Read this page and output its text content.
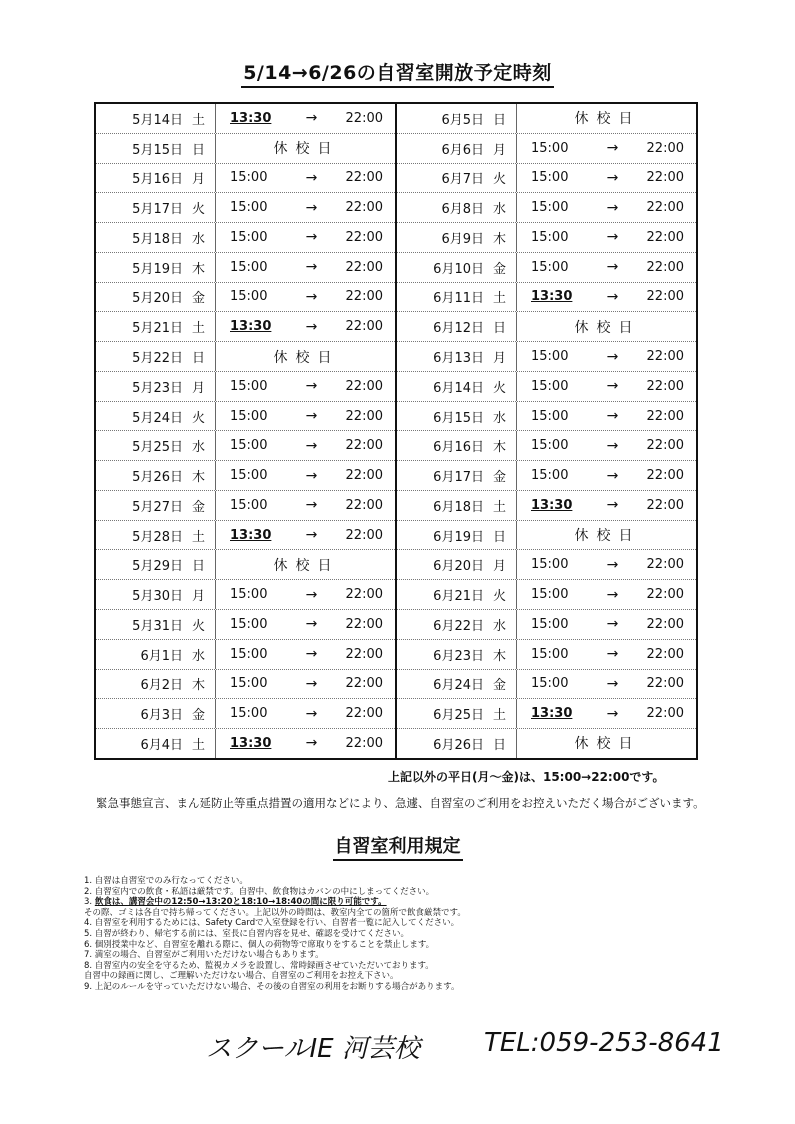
5/14→6/26の自習室開放予定時刻
5月14日 土 13:30	→	22:00
5月15日 日	休校日
5月16日 月 15:00	→	22:00
5月17日 火 15:00	→	22:00
5月18日 水 15:00	→	22:00
5月19日 木 15:00	→	22:00
5月20日 金 15:00	→	22:00
5月21日 土 13:30	→	22:00
5月22日 日	休校日
5月23日 月 15:00	→	22:00
5月24日 火 15:00	→	22:00
5月25日 水 15:00	→	22:00
5月26日 木 15:00	→	22:00
5月27日 金 15:00	→	22:00
5月28日 土 13:30	→	22:00
5月29日 日	休校日
5月30日 月 15:00	→	22:00
5月31日 火 15:00	→	22:00
6月1日 水 15:00	→	22:00
6月2日 木 15:00	→	22:00
6月3日 金 15:00	→	22:00
6月4日 土 13:30	→	22:00
6月5日 日	休校日
6月6日 月 15:00	→	22:00
6月7日 火 15:00	→	22:00
6月8日 水 15:00	→	22:00
6月9日 木 15:00	→	22:00
6月10日 金 15:00	→	22:00
6月11日 土 13:30	→	22:00
6月12日 日	休校日
6月13日 月 15:00	→	22:00
6月14日 火 15:00	→	22:00
6月15日 水 15:00	→	22:00
6月16日 木 15:00	→	22:00
6月17日 金 15:00	→	22:00
6月18日 土 13:30	→	22:00
6月19日 日	休校日
6月20日 月 15:00	→	22:00
6月21日 火 15:00	→	22:00
6月22日 水 15:00	→	22:00
6月23日 木 15:00	→	22:00
6月24日 金 15:00	→	22:00
6月25日 土 13:30	→	22:00
6月26日 日	休校日
上記以外の平日(月～金)は、15:00→22:00です。
緊急事態宣言、まん延防止等重点措置の適用などにより、急遽、自習室のご利用をお控えいただく場合がございます。
自習室利用規定
1. 自習は自習室でのみ行なってください。
2. 自習室内での飲食・私語は厳禁です。自習中、飲食物はカバンの中にしまってください。
3. 飲食は、講習会中の12:50→13:20と18:10→18:40の間に限り可能です。
その際、ゴミは各自で持ち帰ってください。上記以外の時間は、教室内全ての箇所で飲食厳禁です。
4. 自習室を利用するためには、Safety Cardで入室登録を行い、自習者一覧に記入してください。
5. 自習が終わり、帰宅する前には、室長に自習内容を見せ、確認を受けてください。
6. 個別授業中など、自習室を離れる際に、個人の荷物等で席取りをすることを禁止します。
7. 満室の場合、自習室がご利用いただけない場合もあります。
8. 自習室内の安全を守るため、監視カメラを設置し、常時録画させていただいております。
自習中の録画に関し、ご理解いただけない場合、自習室のご利用をお控え下さい。
9. 上記のルールを守っていただけない場合、その後の自習室の利用をお断りする場合があります。
スクールIE 河芸校 TEL:059-253-8641
